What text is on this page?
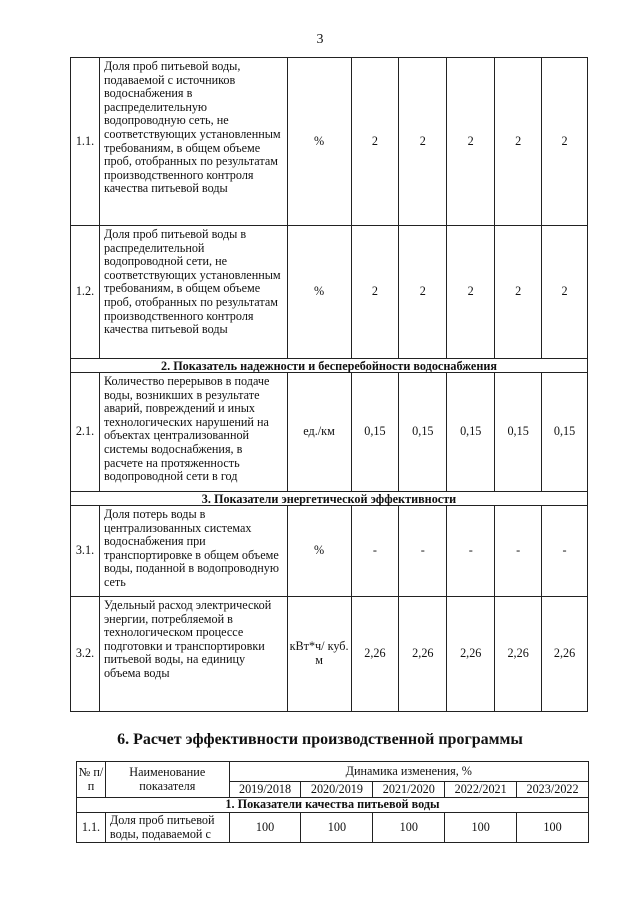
3
1.1.	Доля проб питьевой воды, подаваемой с источников водоснабжения в распределительную водопроводную сеть, не соответствующих установленным требованиям, в общем объеме проб, отобранных по результатам производственного контроля качества питьевой воды	%	2	2	2	2	2
1.2.	Доля проб питьевой воды в распределительной водопроводной сети, не соответствующих установленным требованиям, в общем объеме проб, отобранных по результатам производственного контроля качества питьевой воды	%	2	2	2	2	2
2. Показатель надежности и бесперебойности водоснабжения							
2.1.	Количество перерывов в подаче воды, возникших в результате аварий, повреждений и иных технологических нарушений на объектах централизованной системы водоснабжения, в расчете на протяженность водопроводной сети в год	ед./км	0,15	0,15	0,15	0,15	0,15
3. Показатели энергетической эффективности							
3.1.	Доля потерь воды в централизованных системах водоснабжения при транспортировке в общем объеме воды, поданной в водопроводную сеть	%	-	-	-	-	-
3.2.	Удельный расход электрической энергии, потребляемой в технологическом процессе подготовки и транспортировки питьевой воды, на единицу объема воды	кВт*ч/ куб. м	2,26	2,26	2,26	2,26	2,26
6. Расчет эффективности производственной программы
№ п/п	Наименование показателя	Динамика изменения, %				
		2019/2018	2020/2019	2021/2020	2022/2021	2023/2022
1. Показатели качества питьевой воды						
1.1.	Доля проб питьевой воды, подаваемой с	100	100	100	100	100
